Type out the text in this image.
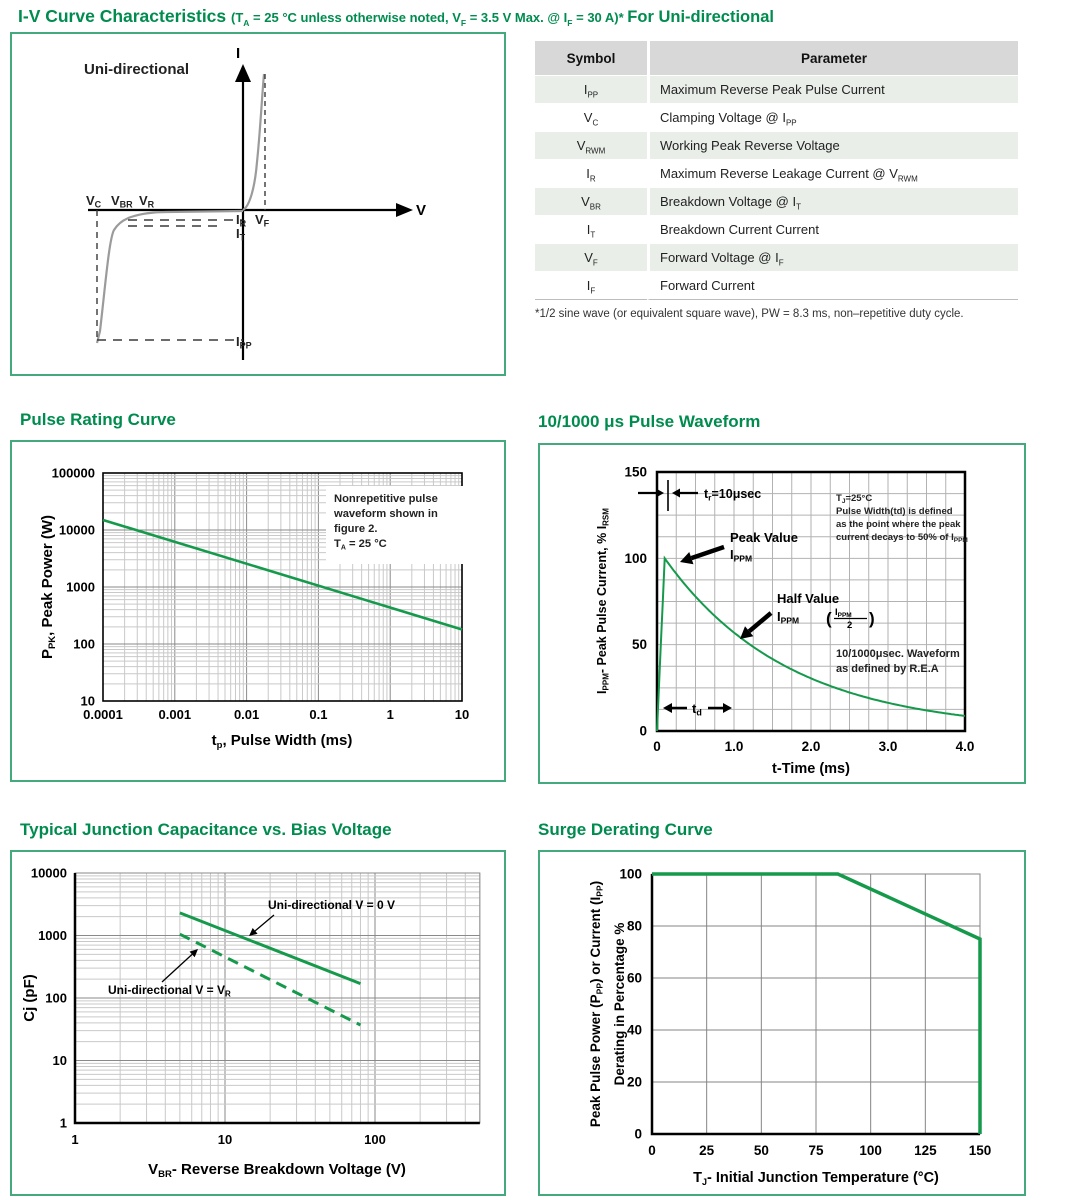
I-V Curve Characteristics ($T_A = 25$ °C unless otherwise noted, $V_F = 3.5$ V Max. @ $I_F = 30$ A)* For Uni-directional
Uni-directional
I
V
VC VBR VR
IR VF
IT
IPP
Symbol	Parameter
$I_{PP}$	Maximum Reverse Peak Pulse Current
$V_C$	Clamping Voltage @ $I_{PP}$
$V_{RWM}$	Working Peak Reverse Voltage
$I_R$	Maximum Reverse Leakage Current @ $V_{RWM}$
$V_{BR}$	Breakdown Voltage @ $I_T$
$I_T$	Breakdown Current Current
$V_F$	Forward Voltage @ $I_F$
$I_F$	Forward Current
*1/2 sine wave (or equivalent square wave), PW = 8.3 ms, non–repetitive duty cycle.
Pulse Rating Curve
Nonrepetitive pulse
waveform shown in
figure 2.
$T_A = 25$ °C
10
100
1000
10000
100000
0.0001	0.001	0.01	0.1	1	10
$t_p$, Pulse Width (ms)
$P_{PK}$, Peak Power (W)
10/1000 μs Pulse Waveform
$t_r=10\mu\sec$
Peak Value
IPPM
Half Value
IPPM ( $I_{PPM}$
2 )
$T_J=25^\circ C$
Pulse Width(td) is defined
as the point where the peak
current decays to 50% of $I_{PPM}$
10/1000μsec. Waveform
as defined by R.E.A
td
0
50
100
150
0	1.0	2.0	3.0	4.0
t-Time (ms)
$I_{PPM}-$ Peak Pulse Current, % $I_{RSM}$
Typical Junction Capacitance vs. Bias Voltage
Uni-directional V = 0 V
Uni-directional $V = V_R$
1
10
100
1000
10000
1	10	100
$V_{BR}-$ Reverse Breakdown Voltage (V)
Cj (pF)
Surge Derating Curve
0
20
40
60
80
100
0	25	50	75	100 125 150
$T_J-$ Initial Junction Temperature (°C)
Peak Pulse Power (PPP) or Current (IPP)
Derating in Percentage %
